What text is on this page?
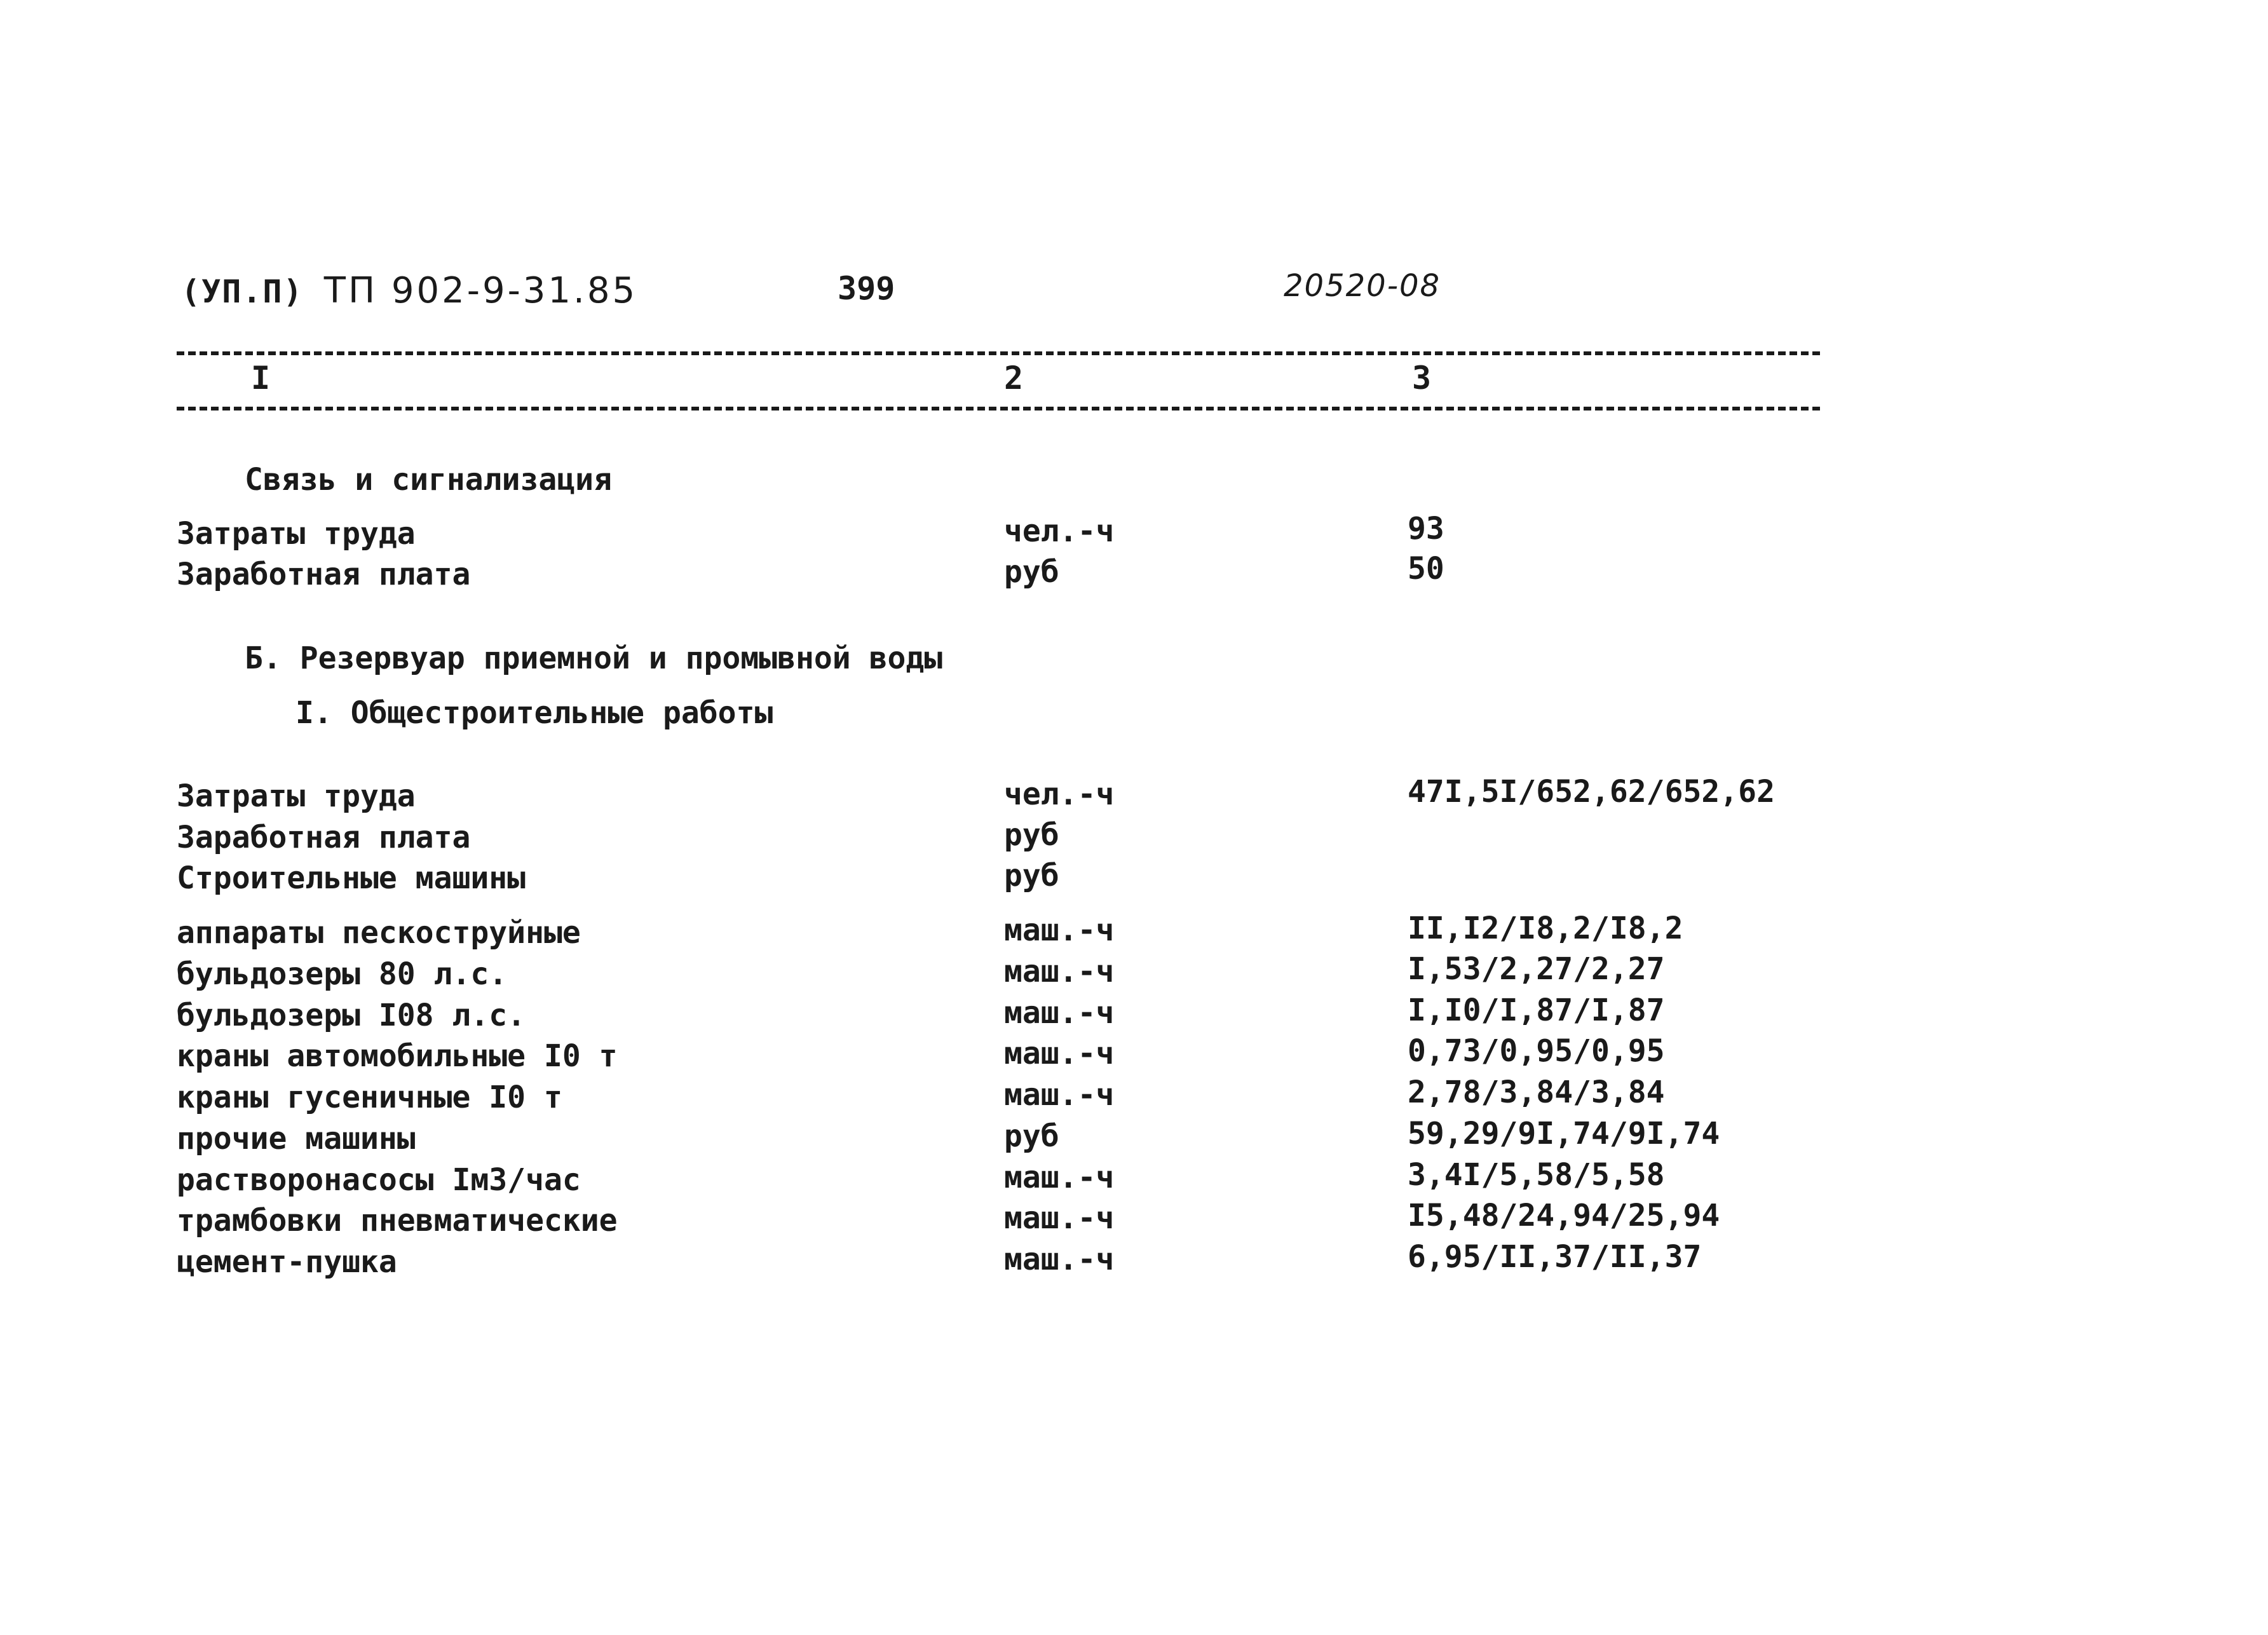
(УП.П) ТП 902-9-31.85	399	20520-08
I	2	3
Связь и сигнализация
Затраты труда	чел.-ч	93
Заработная плата	руб	50
Б. Резервуар приемной и промывной воды
I. Общестроительные работы
Затраты труда	чел.-ч	47I,5I/652,62/652,62
Заработная плата	руб
Строительные машины	руб
аппараты пескоструйные	маш.-ч	II,I2/I8,2/I8,2
бульдозеры 80 л.с.	маш.-ч	I,53/2,27/2,27
бульдозеры I08 л.с.	маш.-ч	I,I0/I,87/I,87
краны автомобильные I0 т	маш.-ч	0,73/0,95/0,95
краны гусеничные I0 т	маш.-ч	2,78/3,84/3,84
прочие машины	руб	59,29/9I,74/9I,74
растворонасосы Iм3/час	маш.-ч	3,4I/5,58/5,58
трамбовки пневматические	маш.-ч	I5,48/24,94/25,94
цемент-пушка	маш.-ч	6,95/II,37/II,37
